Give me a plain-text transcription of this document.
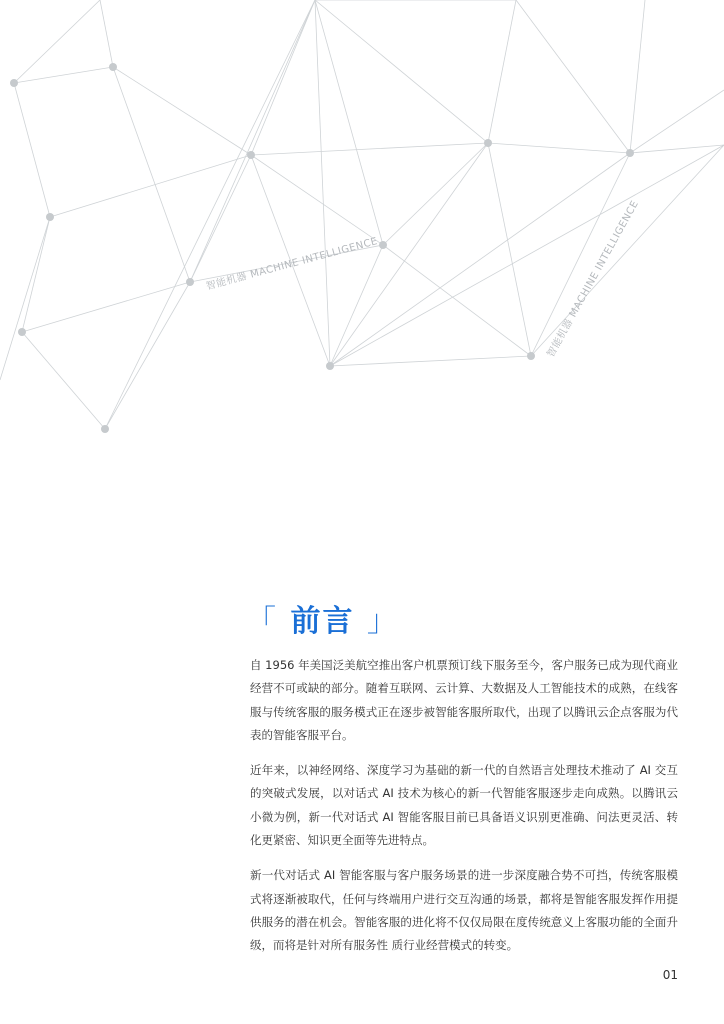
智能机器 MACHINE INTELLIGENCE	智能机器 MACHINE INTELLIGENCE
「 前言 」

自 1956 年美国泛美航空推出客户机票预订线下服务至今，客户服务已成为现代商业经营不可或缺的部分。随着互联网、云计算、大数据及人工智能技术的成熟，在线客服与传统客服的服务模式正在逐步被智能客服所取代，出现了以腾讯云企点客服为代表的智能客服平台。

近年来，以神经网络、深度学习为基础的新一代的自然语言处理技术推动了 AI 交互的突破式发展，以对话式 AI 技术为核心的新一代智能客服逐步走向成熟。以腾讯云小微为例，新一代对话式 AI 智能客服目前已具备语义识别更准确、问法更灵活、转化更紧密、知识更全面等先进特点。

新一代对话式 AI 智能客服与客户服务场景的进一步深度融合势不可挡，传统客服模式将逐渐被取代，任何与终端用户进行交互沟通的场景，都将是智能客服发挥作用提供服务的潜在机会。智能客服的进化将不仅仅局限在度传统意义上客服功能的全面升级，而将是针对所有服务性 质行业经营模式的转变。

01
